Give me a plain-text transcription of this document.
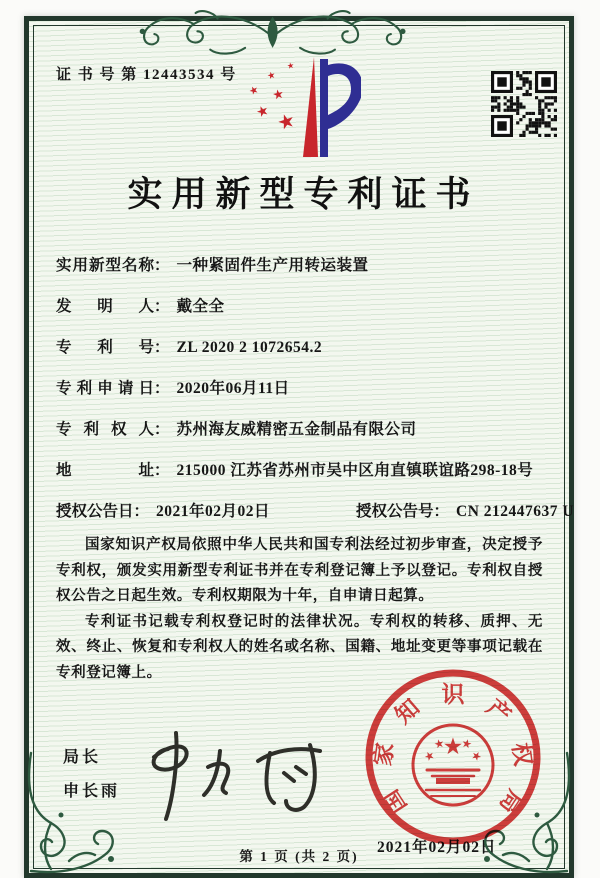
证 书 号 第 12443534 号
★
★
★
★
★
★
实用新型专利证书
实用新型名称： 一种紧固件生产用转运装置
发明人： 戴全全
专利号： ZL 2020 2 1072654.2
专利申请日： 2020年06月11日
专利权人： 苏州海友威精密五金制品有限公司
地址： 215000 江苏省苏州市吴中区甪直镇联谊路298-18号
授权公告日： 2021年02月02日	授权公告号： CN 212447637 U

国家知识产权局依照中华人民共和国专利法经过初步审查，决定授予专利权，颁发实用新型专利证书并在专利登记簿上予以登记。专利权自授权公告之日起生效。专利权期限为十年，自申请日起算。

专利证书记载专利权登记时的法律状况。专利权的转移、质押、无效、终止、恢复和专利权人的姓名或名称、国籍、地址变更等事项记载在专利登记簿上。

局长
申长雨
2021年02月02日
国
家
知
识
产
权
局
★
★
★ ★
★
第 1 页 (共 2 页)
